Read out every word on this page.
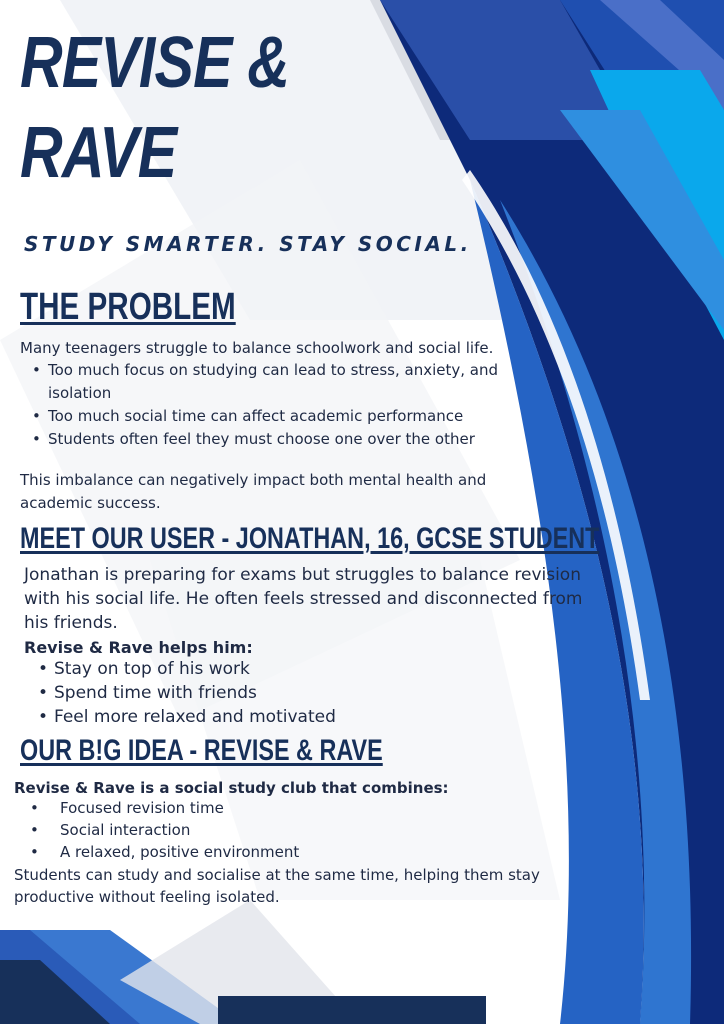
REVISE &
RAVE

STUDY SMARTER. STAY SOCIAL.

THE PROBLEM

Many teenagers struggle to balance schoolwork and social life.

• Too much focus on studying can lead to stress, anxiety, and isolation
• Too much social time can affect academic performance
• Students often feel they must choose one over the other

This imbalance can negatively impact both mental health and academic success.

MEET OUR USER - JONATHAN, 16, GCSE STUDENT

Jonathan is preparing for exams but struggles to balance revision with his social life. He often feels stressed and disconnected from his friends.

Revise & Rave helps him:

• Stay on top of his work
• Spend time with friends
• Feel more relaxed and motivated
OUR B!G IDEA - REVISE & RAVE

Revise & Rave is a social study club that combines:

• Focused revision time
• Social interaction
• A relaxed, positive environment

Students can study and socialise at the same time, helping them stay productive without feeling isolated.
